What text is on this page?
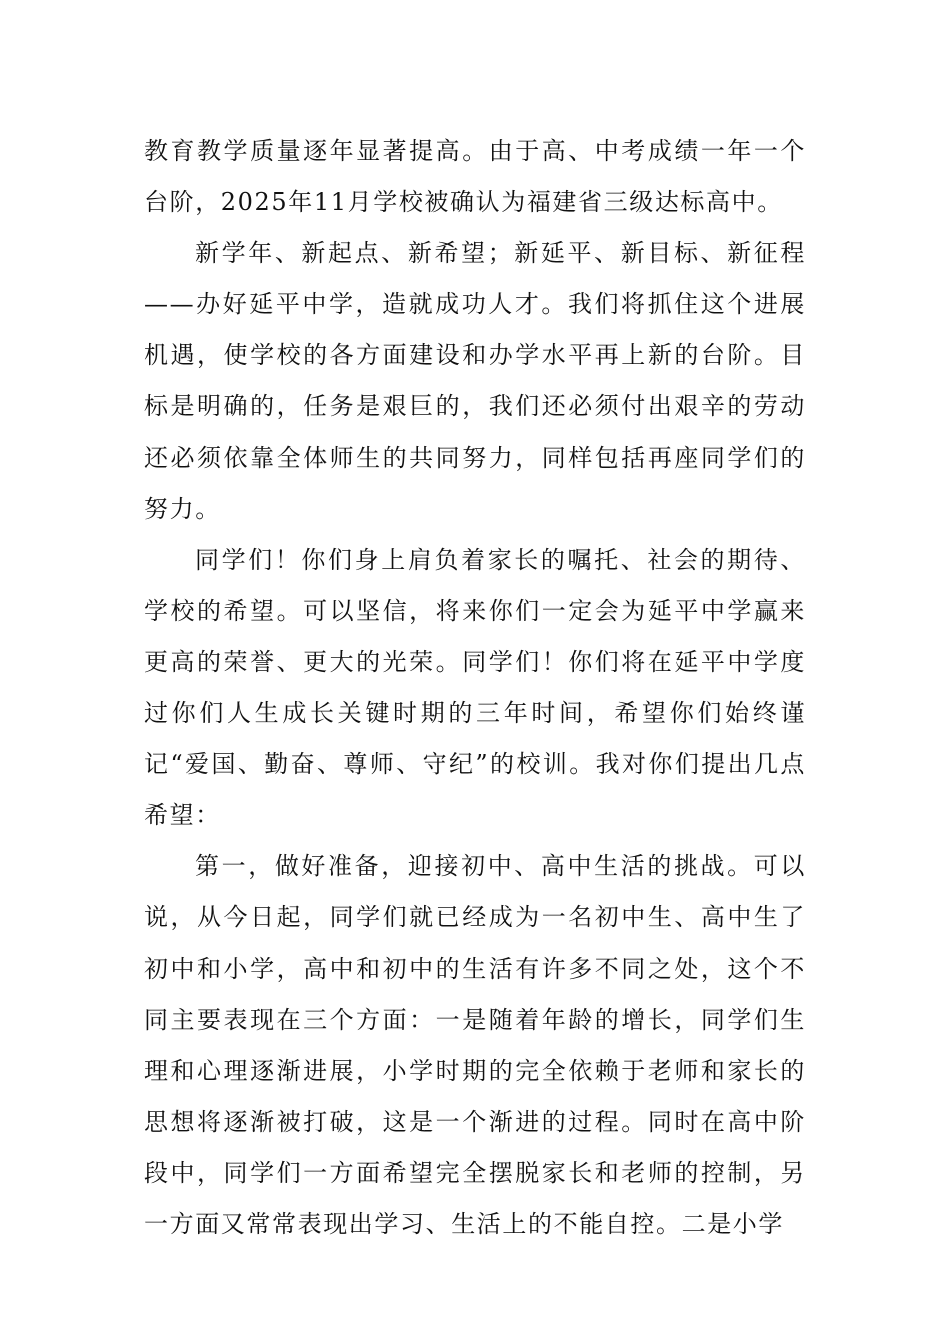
教育教学质量逐年显著提高。由于高、中考成绩一年一个台阶，2025年11月学校被确认为福建省三级达标高中。

新学年、新起点、新希望；新延平、新目标、新征程——办好延平中学，造就成功人才。我们将抓住这个进展机遇，使学校的各方面建设和办学水平再上新的台阶。目标是明确的，任务是艰巨的，我们还必须付出艰辛的劳动还必须依靠全体师生的共同努力，同样包括再座同学们的努力。

同学们！你们身上肩负着家长的嘱托、社会的期待、学校的希望。可以坚信，将来你们一定会为延平中学赢来更高的荣誉、更大的光荣。同学们！你们将在延平中学度过你们人生成长关键时期的三年时间，希望你们始终谨记“爱国、勤奋、尊师、守纪”的校训。我对你们提出几点希望：

第一，做好准备，迎接初中、高中生活的挑战。可以说，从今日起，同学们就已经成为一名初中生、高中生了初中和小学，高中和初中的生活有许多不同之处，这个不同主要表现在三个方面：一是随着年龄的增长，同学们生理和心理逐渐进展，小学时期的完全依赖于老师和家长的思想将逐渐被打破，这是一个渐进的过程。同时在高中阶段中，同学们一方面希望完全摆脱家长和老师的控制，另一方面又常常表现出学习、生活上的不能自控。二是小学
